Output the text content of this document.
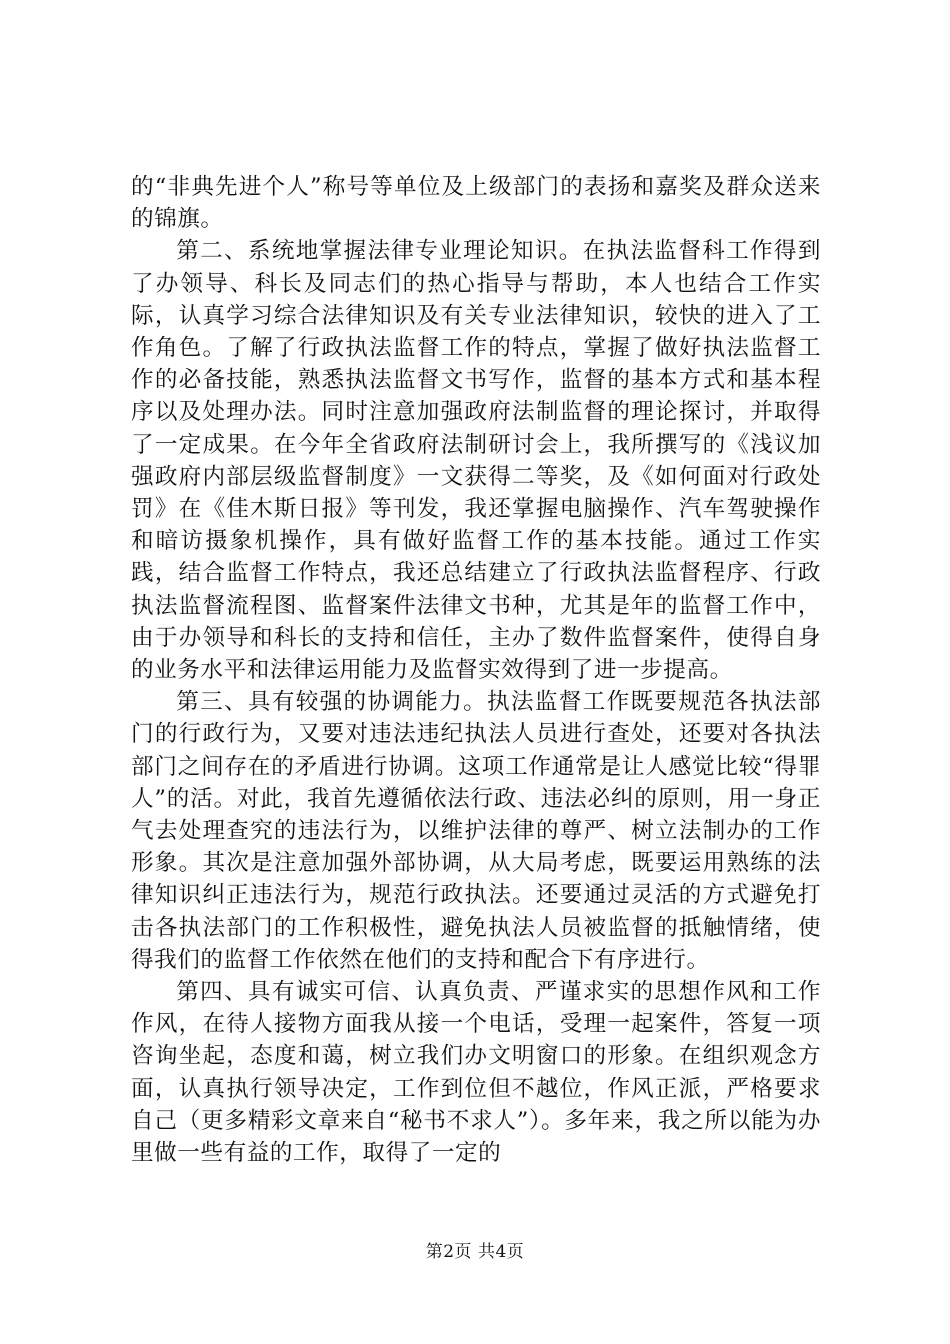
的“非典先进个人”称号等单位及上级部门的表扬和嘉奖及群众送来的锦旗。

第二、系统地掌握法律专业理论知识。在执法监督科工作得到了办领导、科长及同志们的热心指导与帮助，本人也结合工作实际，认真学习综合法律知识及有关专业法律知识，较快的进入了工作角色。了解了行政执法监督工作的特点，掌握了做好执法监督工作的必备技能，熟悉执法监督文书写作，监督的基本方式和基本程序以及处理办法。同时注意加强政府法制监督的理论探讨，并取得了一定成果。在今年全省政府法制研讨会上，我所撰写的《浅议加强政府内部层级监督制度》一文获得二等奖，及《如何面对行政处罚》在《佳木斯日报》等刊发，我还掌握电脑操作、汽车驾驶操作和暗访摄象机操作，具有做好监督工作的基本技能。通过工作实践，结合监督工作特点，我还总结建立了行政执法监督程序、行政执法监督流程图、监督案件法律文书种，尤其是年的监督工作中，由于办领导和科长的支持和信任，主办了数件监督案件，使得自身的业务水平和法律运用能力及监督实效得到了进一步提高。

第三、具有较强的协调能力。执法监督工作既要规范各执法部门的行政行为，又要对违法违纪执法人员进行查处，还要对各执法部门之间存在的矛盾进行协调。这项工作通常是让人感觉比较“得罪人”的活。对此，我首先遵循依法行政、违法必纠的原则，用一身正气去处理查究的违法行为，以维护法律的尊严、树立法制办的工作形象。其次是注意加强外部协调，从大局考虑，既要运用熟练的法律知识纠正违法行为，规范行政执法。还要通过灵活的方式避免打击各执法部门的工作积极性，避免执法人员被监督的抵触情绪，使得我们的监督工作依然在他们的支持和配合下有序进行。

第四、具有诚实可信、认真负责、严谨求实的思想作风和工作作风，在待人接物方面我从接一个电话，受理一起案件，答复一项咨询坐起，态度和蔼，树立我们办文明窗口的形象。在组织观念方面，认真执行领导决定，工作到位但不越位，作风正派，严格要求自己（更多精彩文章来自“秘书不求人”）。多年来，我之所以能为办里做一些有益的工作，取得了一定的

第2页 共4页
